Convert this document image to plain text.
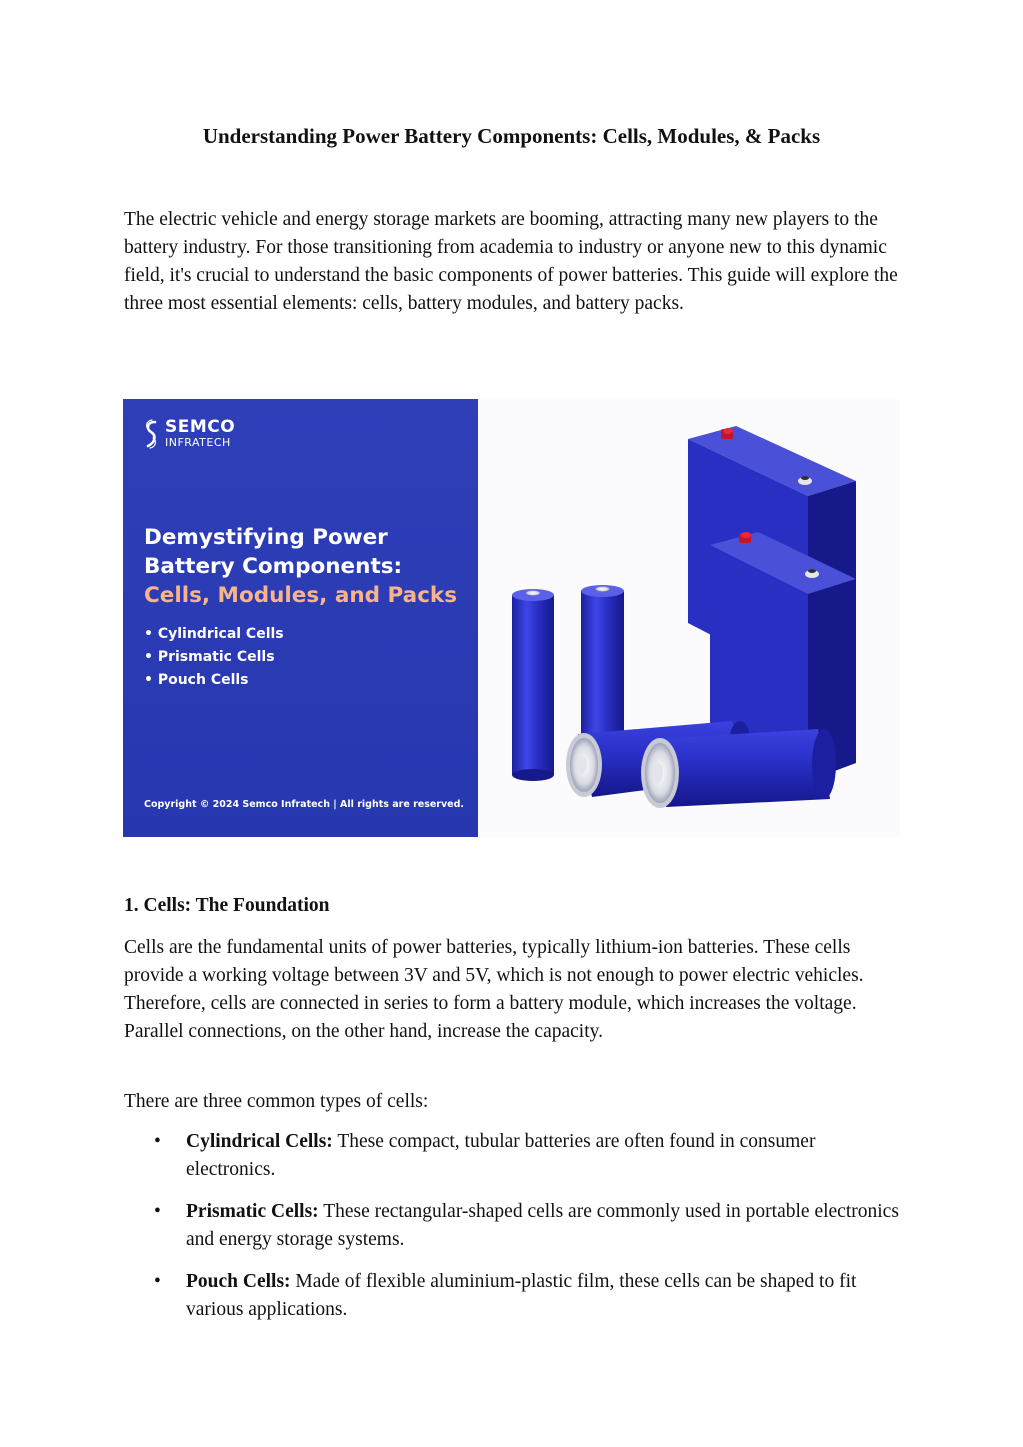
Understanding Power Battery Components: Cells, Modules, & Packs

The electric vehicle and energy storage markets are booming, attracting many new players to the battery industry. For those transitioning from academia to industry or anyone new to this dynamic field, it's crucial to understand the basic components of power batteries. This guide will explore the three most essential elements: cells, battery modules, and battery packs.

SEMCO
INFRATECH
Demystifying Power
Battery Components:
Cells, Modules, and Packs
• Cylindrical Cells
• Prismatic Cells
• Pouch Cells
Copyright © 2024 Semco Infratech | All rights are reserved.
1. Cells: The Foundation

Cells are the fundamental units of power batteries, typically lithium-ion batteries. These cells provide a working voltage between 3V and 5V, which is not enough to power electric vehicles. Therefore, cells are connected in series to form a battery module, which increases the voltage. Parallel connections, on the other hand, increase the capacity.

There are three common types of cells:

• Cylindrical Cells: These compact, tubular batteries are often found in consumer electronics.
• Prismatic Cells: These rectangular-shaped cells are commonly used in portable electronics and energy storage systems.
• Pouch Cells: Made of flexible aluminium-plastic film, these cells can be shaped to fit various applications.
